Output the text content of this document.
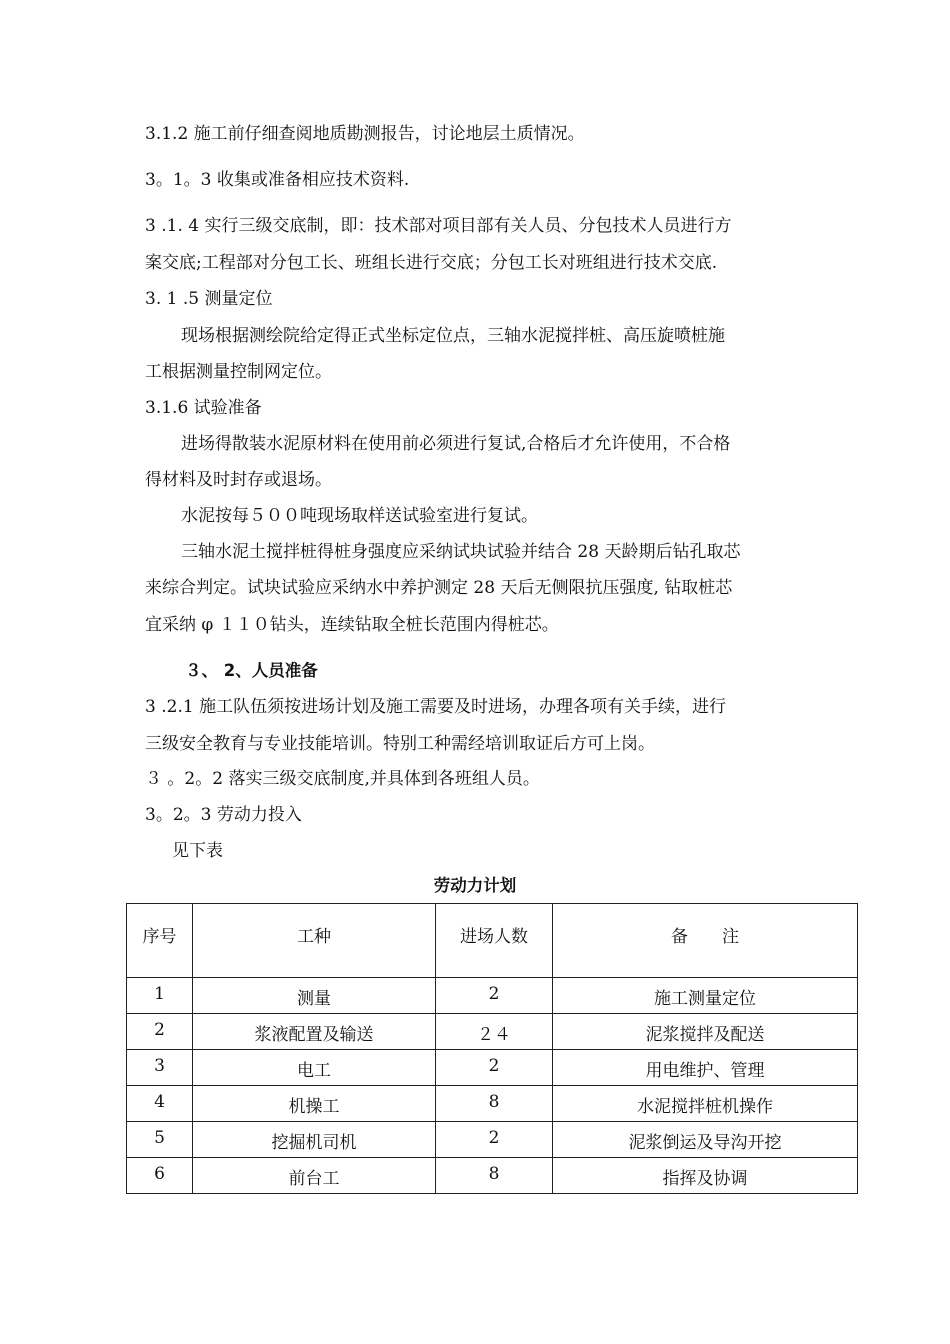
3.1.2 施工前仔细查阅地质勘测报告，讨论地层土质情况。
3。1。3 收集或准备相应技术资料.
3 .1. 4 实行三级交底制，即：技术部对项目部有关人员、分包技术人员进行方
案交底;工程部对分包工长、班组长进行交底；分包工长对班组进行技术交底.
3. 1 .5 测量定位
现场根据测绘院给定得正式坐标定位点，三轴水泥搅拌桩、高压旋喷桩施
工根据测量控制网定位。
3.1.6 试验准备
进场得散装水泥原材料在使用前必须进行复试,合格后才允许使用，不合格
得材料及时封存或退场。
水泥按每５００吨现场取样送试验室进行复试。
三轴水泥土搅拌桩得桩身强度应采纳试块试验并结合 28 天龄期后钻孔取芯
来综合判定。试块试验应采纳水中养护测定 28 天后无侧限抗压强度, 钻取桩芯
宜采纳 φ １１０钻头，连续钻取全桩长范围内得桩芯。
３、 2、人员准备
3 .2.1 施工队伍须按进场计划及施工需要及时进场，办理各项有关手续，进行
三级安全教育与专业技能培训。特别工种需经培训取证后方可上岗。
３ 。2。2 落实三级交底制度,并具体到各班组人员。
3。2。3 劳动力投入
见下表
劳动力计划
序号	工种	进场人数	备　　注
1	测量	2	施工测量定位
2	浆液配置及输送	２４	泥浆搅拌及配送
3	电工	2	用电维护、管理
4	机操工	8	水泥搅拌桩机操作
5	挖掘机司机	2	泥浆倒运及导沟开挖
6	前台工	8	指挥及协调
